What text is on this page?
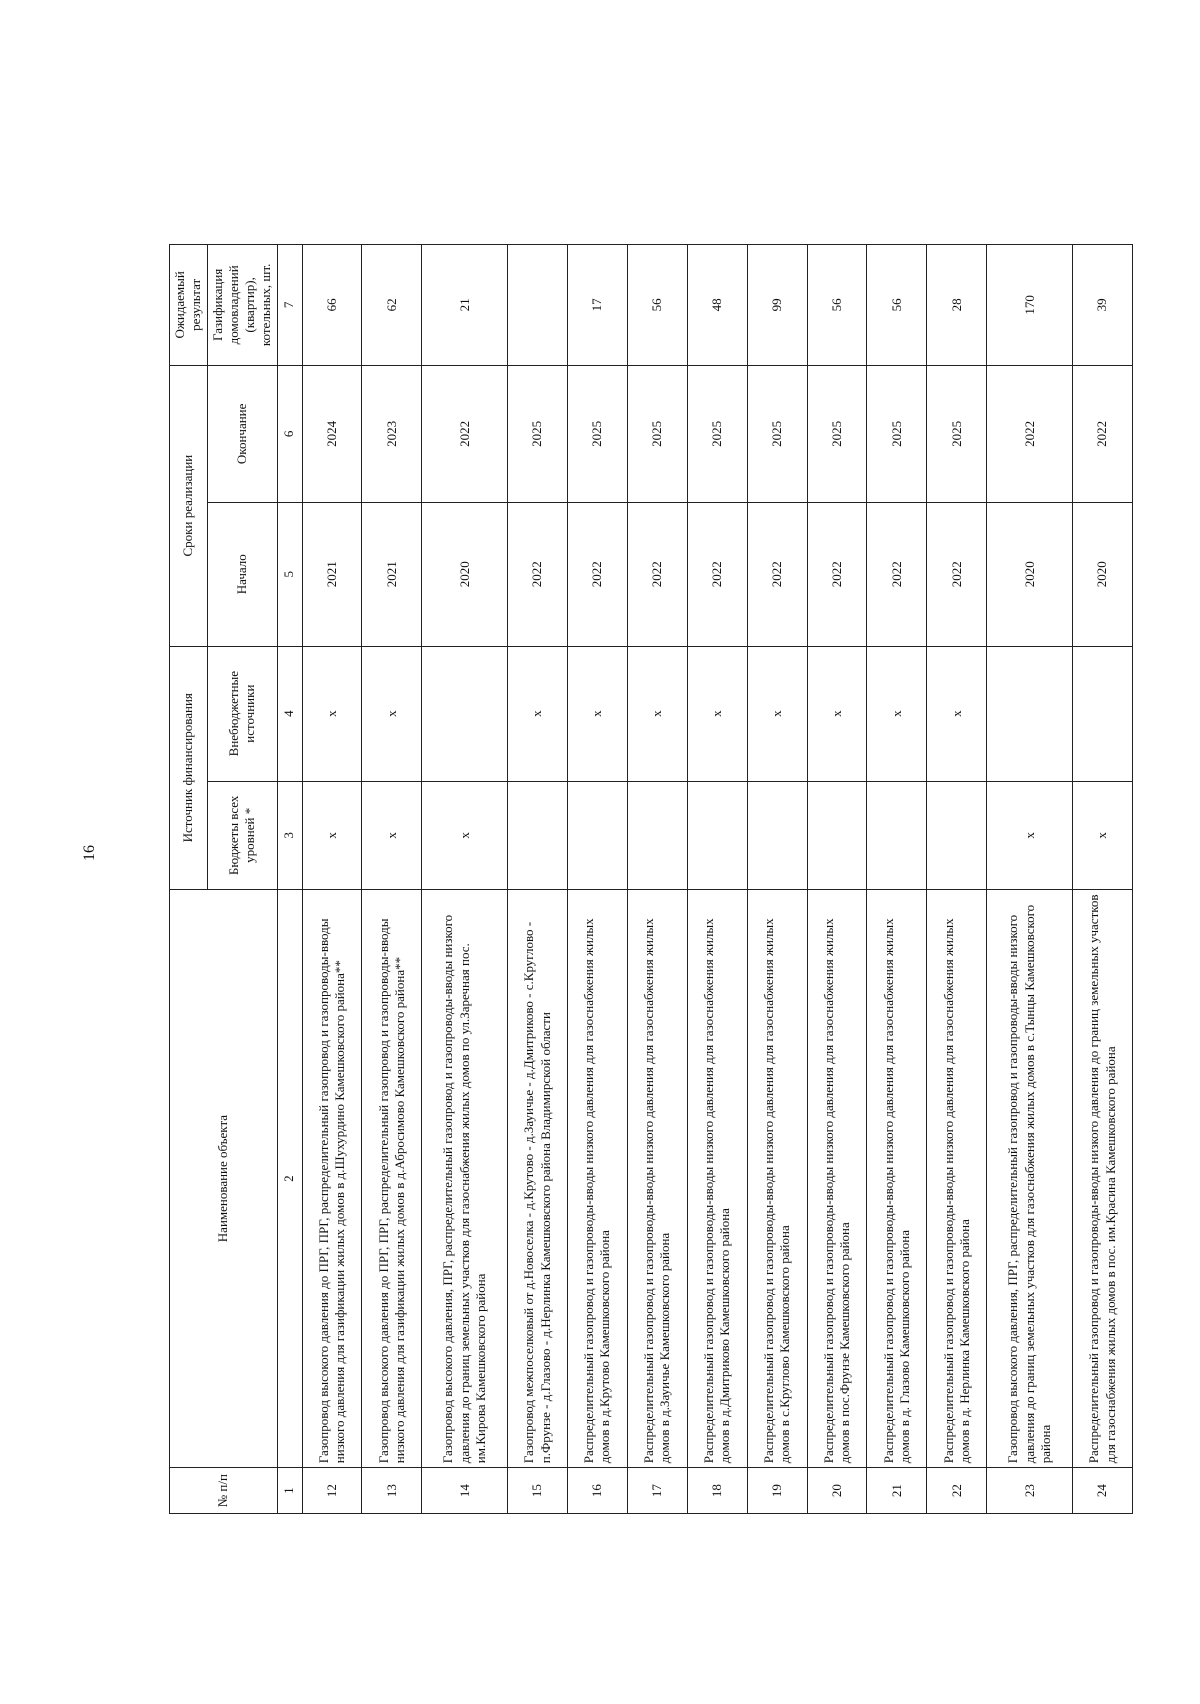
16
№ п/п	Наименование объекта	Источник финансирования		Сроки реализации		Ожидаемый результат
		Бюджеты всех уровней *	Внебюджетные источники	Начало	Окончание	Газификация домовладений (квартир), котельных, шт.
1	2	3	4	5	6	7
12	Газопровод высокого давления до ПРГ, ПРГ, распределительный газопровод и газопроводы-вводы низкого давления для газификации жилых домов в д.Шухурдино Камешковского района**	x	x	2021	2024	66
13	Газопровод высокого давления до ПРГ, ПРГ, распределительный газопровод и газопроводы-вводы низкого давления для газификации жилых домов в д.Абросимово Камешковского района**	x	x	2021	2023	62
14	Газопровод высокого давления, ПРГ, распределительный газопровод и газопроводы-вводы низкого давления до границ земельных участков для газоснабжения жилых домов по ул.Заречная пос. им.Кирова Камешковского района	x		2020	2022	21
15	Газопровод межпоселковый от д.Новоселка - д.Крутово - д.Зауичье - д.Дмитриково - с.Круглово - п.Фрунзе - д.Глазово - д.Нерлинка Камешковского района Владимирской области		x	2022	2025	
16	Распределительный газопровод и газопроводы-вводы низкого давления для газоснабжения жилых домов в д.Крутово Камешковского района		x	2022	2025	17
17	Распределительный газопровод и газопроводы-вводы низкого давления для газоснабжения жилых домов в д.Зауичье Камешковского района		x	2022	2025	56
18	Распределительный газопровод и газопроводы-вводы низкого давления для газоснабжения жилых домов в д.Дмитриково Камешковского района		x	2022	2025	48
19	Распределительный газопровод и газопроводы-вводы низкого давления для газоснабжения жилых домов в с.Круглово Камешковского района		x	2022	2025	99
20	Распределительный газопровод и газопроводы-вводы низкого давления для газоснабжения жилых домов в пос.Фрунзе Камешковского района		x	2022	2025	56
21	Распределительный газопровод и газопроводы-вводы низкого давления для газоснабжения жилых домов в д. Глазово Камешковского района		x	2022	2025	56
22	Распределительный газопровод и газопроводы-вводы низкого давления для газоснабжения жилых домов в д. Нерлинка Камешковского района		x	2022	2025	28
23	Газопровод высокого давления, ПРГ, распределительный газопровод и газопроводы-вводы низкого давления до границ земельных участков для газоснабжения жилых домов в с.Тынцы Камешковского района	x		2020	2022	170
24	Распределительный газопровод и газопроводы-вводы низкого давления до границ земельных участков для газоснабжения жилых домов в пос. им.Красина Камешковского района	x		2020	2022	39
